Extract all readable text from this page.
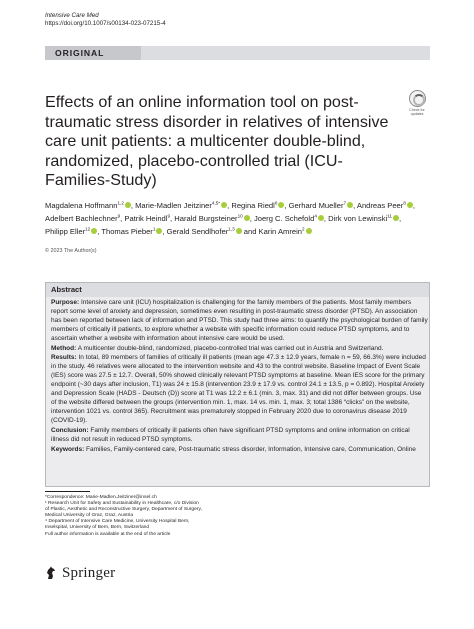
Intensive Care Med
https://doi.org/10.1007/s00134-023-07215-4
ORIGINAL
Effects of an online information tool on post-traumatic stress disorder in relatives of intensive care unit patients: a multicenter double-blind, randomized, placebo-controlled trial (ICU-Families-Study)
Check for
updates
Magdalena Hoffmann$^{1,2}$ , Marie-Madlen Jeitziner$^{4,5*}$ , Regina Riedl$^6$ , Gerhard Mueller$^7$ , Andreas Peer$^8$ , Adelbert Bachlechner$^9$, Patrik Heindl$^9$, Harald Burgsteiner$^{10}$ , Joerg C. Schefold$^4$ , Dirk von Lewinski$^{11}$ , Philipp Eller$^{12}$ , Thomas Pieber$^1$ , Gerald Sendlhofer$^{1,3}$ and Karin Amrein$^2$
© 2023 The Author(s)
Abstract

Purpose: Intensive care unit (ICU) hospitalization is challenging for the family members of the patients. Most family members report some level of anxiety and depression, sometimes even resulting in post-traumatic stress disorder (PTSD). An association has been reported between lack of information and PTSD. This study had three aims: to quantify the psychological burden of family members of critically ill patients, to explore whether a website with specific information could reduce PTSD symptoms, and to ascertain whether a website with information about intensive care would be used.

Method: A multicenter double-blind, randomized, placebo-controlled trial was carried out in Austria and Switzerland.

Results: In total, 89 members of families of critically ill patients (mean age 47.3 ± 12.9 years, female n = 59, 66.3%) were included in the study. 46 relatives were allocated to the intervention website and 43 to the control website. Baseline Impact of Event Scale (IES) score was 27.5 ± 12.7. Overall, 50% showed clinically relevant PTSD symptoms at baseline. Mean IES score for the primary endpoint (~30 days after inclusion, T1) was 24 ± 15.8 (intervention 23.9 ± 17.9 vs. control 24.1 ± 13.5, p = 0.892). Hospital Anxiety and Depression Scale (HADS - Deutsch (D)) score at T1 was 12.2 ± 6.1 (min. 3, max. 31) and did not differ between groups. Use of the website differed between the groups (intervention min. 1, max. 14 vs. min. 1, max. 3; total 1386 “clicks” on the website, intervention 1021 vs. control 365). Recruitment was prematurely stopped in February 2020 due to coronavirus disease 2019 (COVID-19).

Conclusion: Family members of critically ill patients often have significant PTSD symptoms and online information on critical illness did not result in reduced PTSD symptoms.

Keywords: Families, Family-centered care, Post-traumatic stress disorder, Information, Intensive care, Communication, Online

*Correspondence: Marie-Madlen.Jeitziner@insel.ch
¹ Research Unit for Safety and Sustainability in Healthcare, c/o Division
of Plastic, Aesthetic and Reconstructive Surgery, Department of Surgery,
Medical University of Graz, Graz, Austria
⁴ Department of Intensive Care Medicine, University Hospital Bern,
Inselspital, University of Bern, Bern, Switzerland
Full author information is available at the end of the article
Springer
